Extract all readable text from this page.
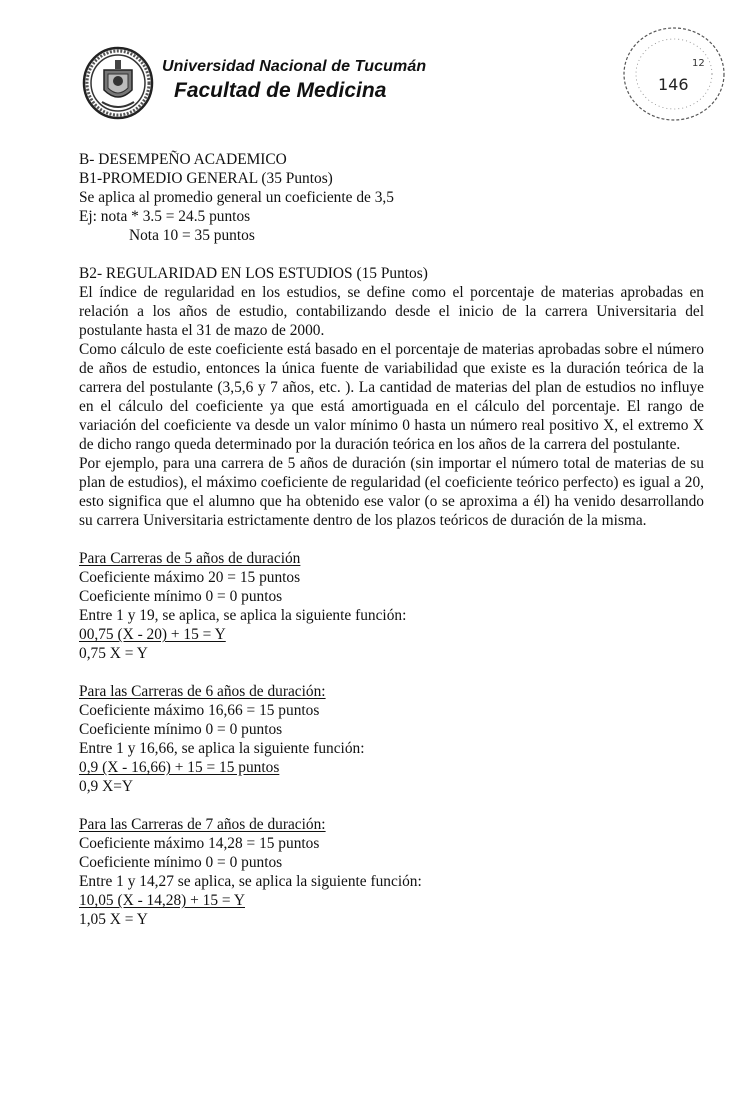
Universidad Nacional de Tucumán
Facultad de Medicina
12
146

B- DESEMPEÑO ACADEMICO

B1-PROMEDIO GENERAL (35 Puntos)

Se aplica al promedio general un coeficiente de 3,5

Ej: nota * 3.5 = 24.5 puntos

Nota 10 = 35 puntos

B2- REGULARIDAD EN LOS ESTUDIOS (15 Puntos)

El índice de regularidad en los estudios, se define como el porcentaje de materias aprobadas en relación a los años de estudio, contabilizando desde el inicio de la carrera Universitaria del postulante hasta el 31 de mazo de 2000.

Como cálculo de este coeficiente está basado en el porcentaje de materias aprobadas sobre el número de años de estudio, entonces la única fuente de variabilidad que existe es la duración teórica de la carrera del postulante (3,5,6 y 7 años, etc. ). La cantidad de materias del plan de estudios no influye en el cálculo del coeficiente ya que está amortiguada en el cálculo del porcentaje. El rango de variación del coeficiente va desde un valor mínimo 0 hasta un número real positivo X, el extremo X de dicho rango queda determinado por la duración teórica en los años de la carrera del postulante.

Por ejemplo, para una carrera de 5 años de duración (sin importar el número total de materias de su plan de estudios), el máximo coeficiente de regularidad (el coeficiente teórico perfecto) es igual a 20, esto significa que el alumno que ha obtenido ese valor (o se aproxima a él) ha venido desarrollando su carrera Universitaria estrictamente dentro de los plazos teóricos de duración de la misma.

Para Carreras de 5 años de duración

Coeficiente máximo 20 = 15 puntos

Coeficiente mínimo 0 = 0 puntos

Entre 1 y 19, se aplica, se aplica la siguiente función:

00,75 (X - 20) + 15 = Y

0,75 X = Y

Para las Carreras de 6 años de duración:

Coeficiente máximo 16,66 = 15 puntos

Coeficiente mínimo 0 = 0 puntos

Entre 1 y 16,66, se aplica la siguiente función:

0,9 (X - 16,66) + 15 = 15 puntos

0,9 X=Y

Para las Carreras de 7 años de duración:

Coeficiente máximo 14,28 = 15 puntos

Coeficiente mínimo 0 = 0 puntos

Entre 1 y 14,27 se aplica, se aplica la siguiente función:

10,05 (X - 14,28) + 15 = Y

1,05 X = Y
